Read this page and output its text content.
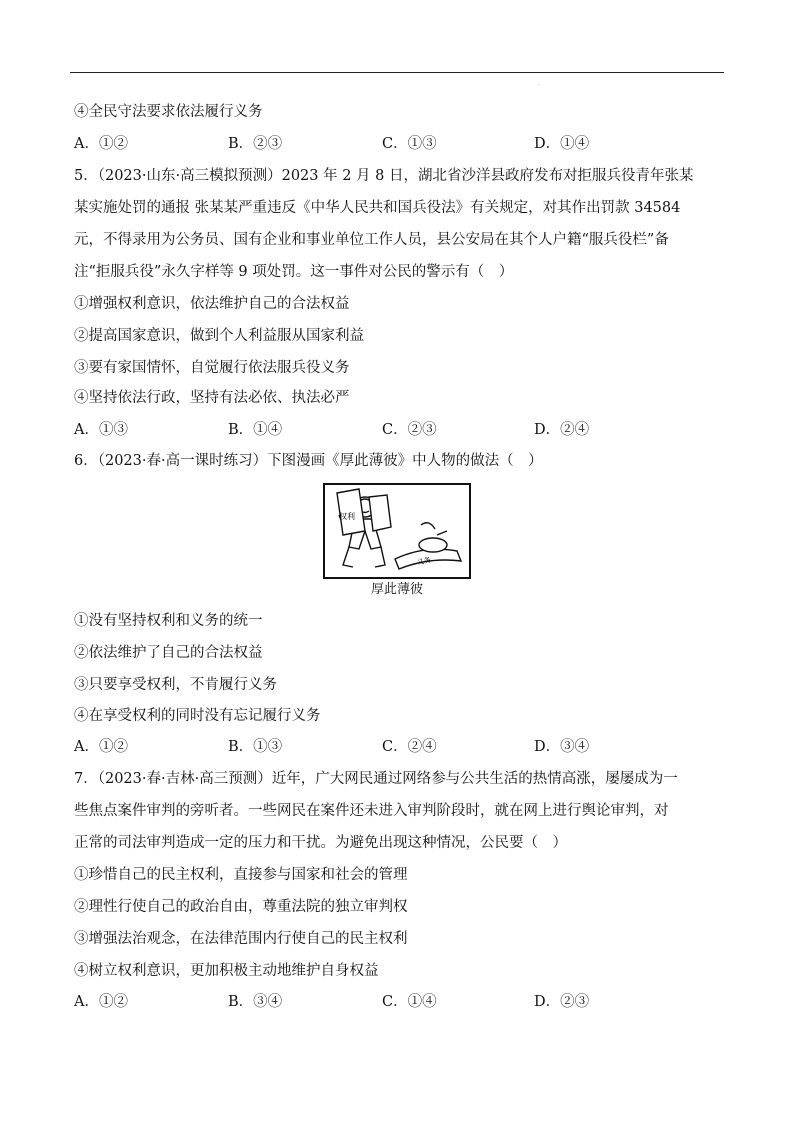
·
④全民守法要求依法履行义务
A．①②	B．②③	C．①③	D．①④
5．（2023·山东·高三模拟预测）2023 年 2 月 8 日，湖北省沙洋县政府发布对拒服兵役青年张某
某实施处罚的通报 张某某严重违反《中华人民共和国兵役法》有关规定，对其作出罚款 34584
元，不得录用为公务员、国有企业和事业单位工作人员，县公安局在其个人户籍“服兵役栏”备
注“拒服兵役”永久字样等 9 项处罚。这一事件对公民的警示有（　）
①增强权利意识，依法维护自己的合法权益
②提高国家意识，做到个人利益服从国家利益
③要有家国情怀，自觉履行依法服兵役义务
④坚持依法行政，坚持有法必依、执法必严
A．①③	B．①④	C．②③	D．②④
6．（2023·春·高一课时练习）下图漫画《厚此薄彼》中人物的做法（　）
权利
义务
厚此薄彼
①没有坚持权利和义务的统一
②依法维护了自己的合法权益
③只要享受权利，不肯履行义务
④在享受权利的同时没有忘记履行义务
A．①②	B．①③	C．②④	D．③④
7．（2023·春·吉林·高三预测）近年，广大网民通过网络参与公共生活的热情高涨，屡屡成为一
些焦点案件审判的旁听者。一些网民在案件还未进入审判阶段时，就在网上进行舆论审判，对
正常的司法审判造成一定的压力和干扰。为避免出现这种情况，公民要（　）
①珍惜自己的民主权利，直接参与国家和社会的管理
②理性行使自己的政治自由，尊重法院的独立审判权
③增强法治观念，在法律范围内行使自己的民主权利
④树立权利意识，更加积极主动地维护自身权益
A．①②	B．③④	C．①④	D．②③
